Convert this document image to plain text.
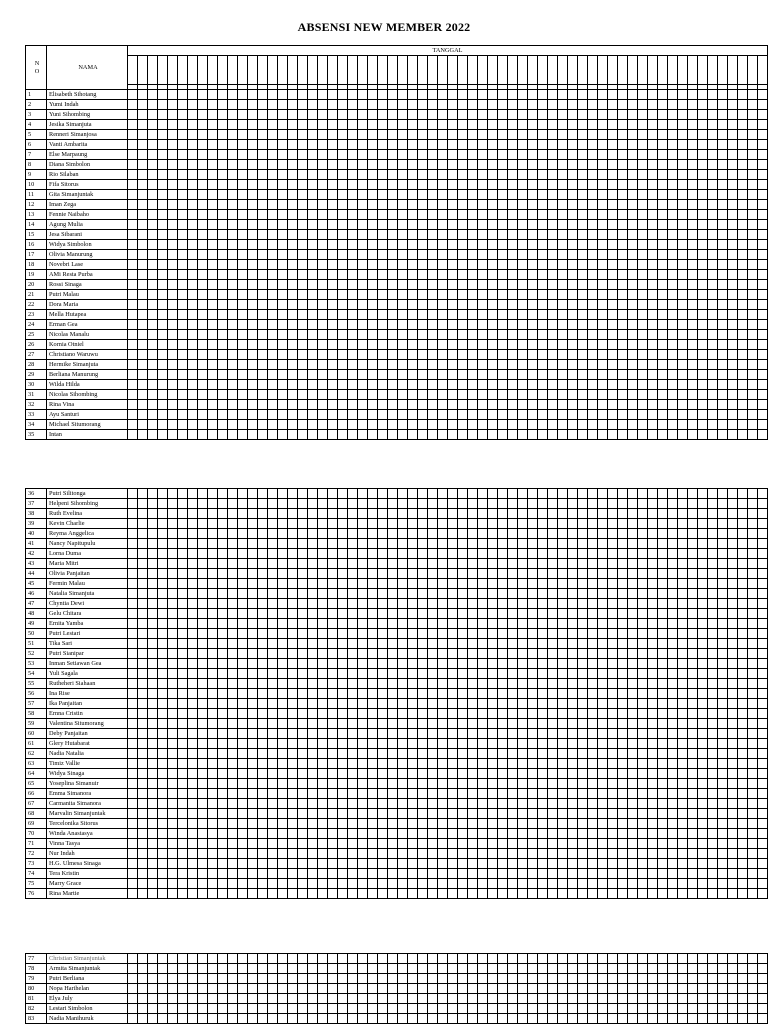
ABSENSI NEW MEMBER 2022
N
O	NAMA	TANGGAL

1	Elisabeth Sihotang																																																																
2	Yumi Indah																																																																
3	Yuni Sihombing																																																																
4	Jesika Simanjuta																																																																
5	Renneri Simanjosa																																																																
6	Vanti Ambarita																																																																
7	Else Marpaung																																																																
8	Diana Simbolon																																																																
9	Rio Silaban																																																																
10	Fifa Sitorus																																																																
11	Gita Simanjuntak																																																																
12	Iman Zega																																																																
13	Fennie Naibaho																																																																
14	Agung Mulia																																																																
15	Jesa Sibarani																																																																
16	Widya Simbolon																																																																
17	Olivia Manurung																																																																
18	Novebri Lase																																																																
19	AMi Resta Purba																																																																
20	Rossi Sinaga																																																																
21	Putri Malau																																																																
22	Dora Maria																																																																
23	Mella Hutapea																																																																
24	Erman Gea																																																																
25	Nicolas Manalu																																																																
26	Kornia Otniel																																																																
27	Christiano Waruwu																																																																
28	Hermike Simanjuta																																																																
29	Berliana Manurung																																																																
30	Wilda Hilda																																																																
31	Nicolas Sihombing																																																																
32	Rina Vina																																																																
33	Ayu Santuri																																																																
34	Michael Situmorang																																																																
35	Intan																																																																
36	Putri Silitonga																																																																
37	Helpeni Sihombing																																																																
38	Ruth Evelina																																																																
39	Kevin Charlie																																																																
40	Reyma Anggelica																																																																
41	Nancy Napitupulu																																																																
42	Lorna Duma																																																																
43	Maria Mitri																																																																
44	Olivia Panjaitan																																																																
45	Fermin Malau																																																																
46	Natalia Simanjuta																																																																
47	Chyntia Dewi																																																																
48	Gelu Chitara																																																																
49	Ernita Yamba																																																																
50	Putri Lestari																																																																
51	Tika Sari																																																																
52	Putri Sianipar																																																																
53	Inman Setiawan Gea																																																																
54	Yuli Sagala																																																																
55	Rutheheri Siahaan																																																																
56	Ina Rise																																																																
57	Ika Panjaitan																																																																
58	Ernna Cristin																																																																
59	Valentina Situmorang																																																																
60	Deby Panjaitan																																																																
61	Glery Hutabarat																																																																
62	Nadia Natalia																																																																
63	Timiz Vallie																																																																
64	Widya Sinaga																																																																
65	Yoseplina Simanuir																																																																
66	Emma Simanora																																																																
67	Carmanita Simanora																																																																
68	Marvalin Simanjuntak																																																																
69	Tercelonika Sitorus																																																																
70	Winda Anastasya																																																																
71	Vinna Tasya																																																																
72	Nur Indah																																																																
73	H.G. Ulmesa Sinaga																																																																
74	Tera Kristin																																																																
75	Marry Grace																																																																
76	Rina Martie																																																																
77	Christian Simanjuntak																																																																
78	Armita Simanjuntak																																																																
79	Putri Berliana																																																																
80	Nopa Harihelan																																																																
81	Elya July																																																																
82	Lestari Simbolon																																																																
83	Nadia Manihuruk																																																																
